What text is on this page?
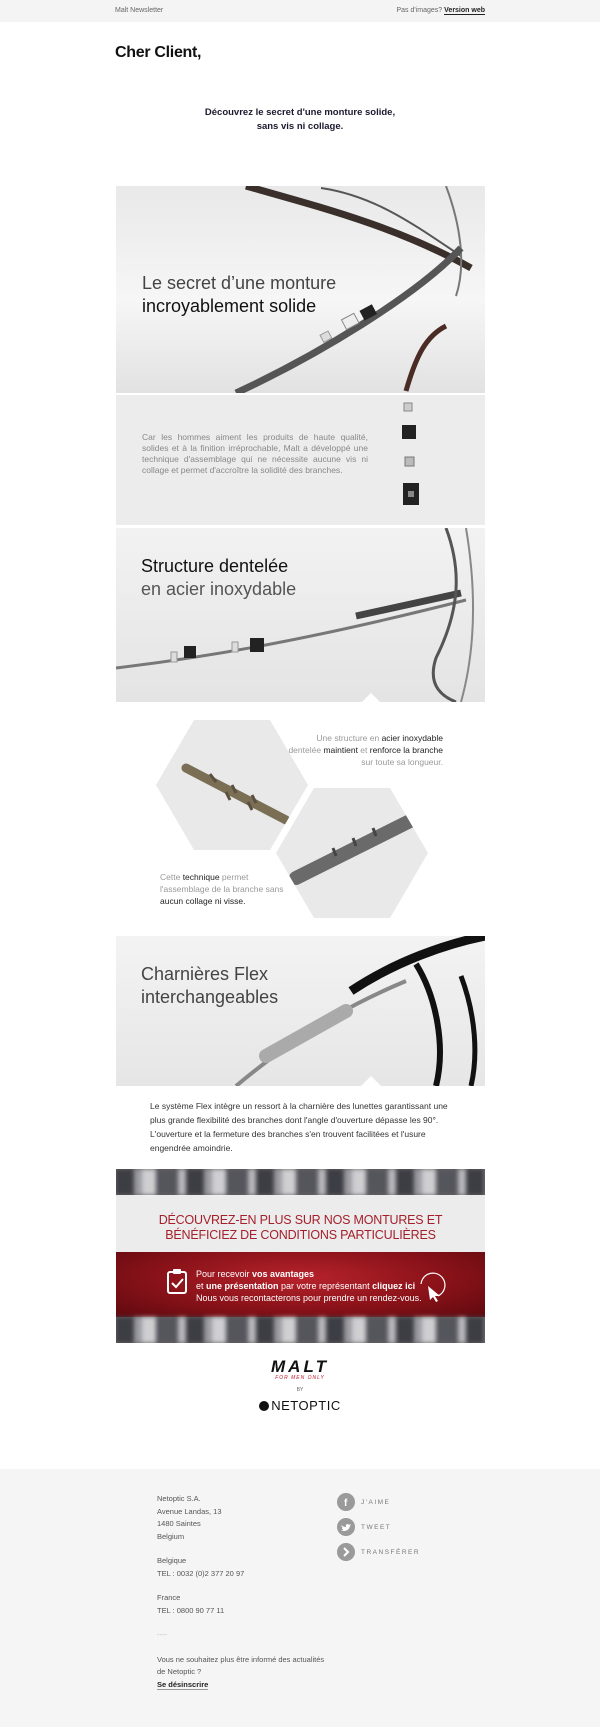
Malt Newsletter	Pas d'images? Version web
Cher Client,
Découvrez le secret d'une monture solide,
sans vis ni collage.
Le secret d’une monture
incroyablement solide
Car les hommes aiment les produits de haute qualité, solides et à la finition irréprochable, Malt a développé une technique d'assemblage qui ne nécessite aucune vis ni collage et permet d'accroître la solidité des branches.
Structure dentelée
en acier inoxydable
Une structure en acier inoxydable dentelée maintient et renforce la branche sur toute sa longueur.
Cette technique permet l'assemblage de la branche sans aucun collage ni visse.
Charnières Flex
interchangeables
Le système Flex intègre un ressort à la charnière des lunettes garantissant une plus grande flexibilité des branches dont l'angle d'ouverture dépasse les 90°. L'ouverture et la fermeture des branches s'en trouvent facilitées et l'usure engendrée amoindrie.
DÉCOUVREZ-EN PLUS SUR NOS MONTURES ET
BÉNÉFICIEZ DE CONDITIONS PARTICULIÈRES
Pour recevoir vos avantages
et une présentation par votre représentant cliquez ici
Nous vous recontacterons pour prendre un rendez-vous.
MALT
FOR MEN ONLY
BY
NETOPTIC
Netoptic S.A.
Avenue Landas, 13
1480 Saintes
Belgium
Belgique
TEL : 0032 (0)2 377 20 97
France
TEL : 0800 90 77 11
----
Vous ne souhaitez plus être informé des actualités
de Netoptic ?
Se désinscrire
f J'AIME
TWEET
TRANSFÉRER
